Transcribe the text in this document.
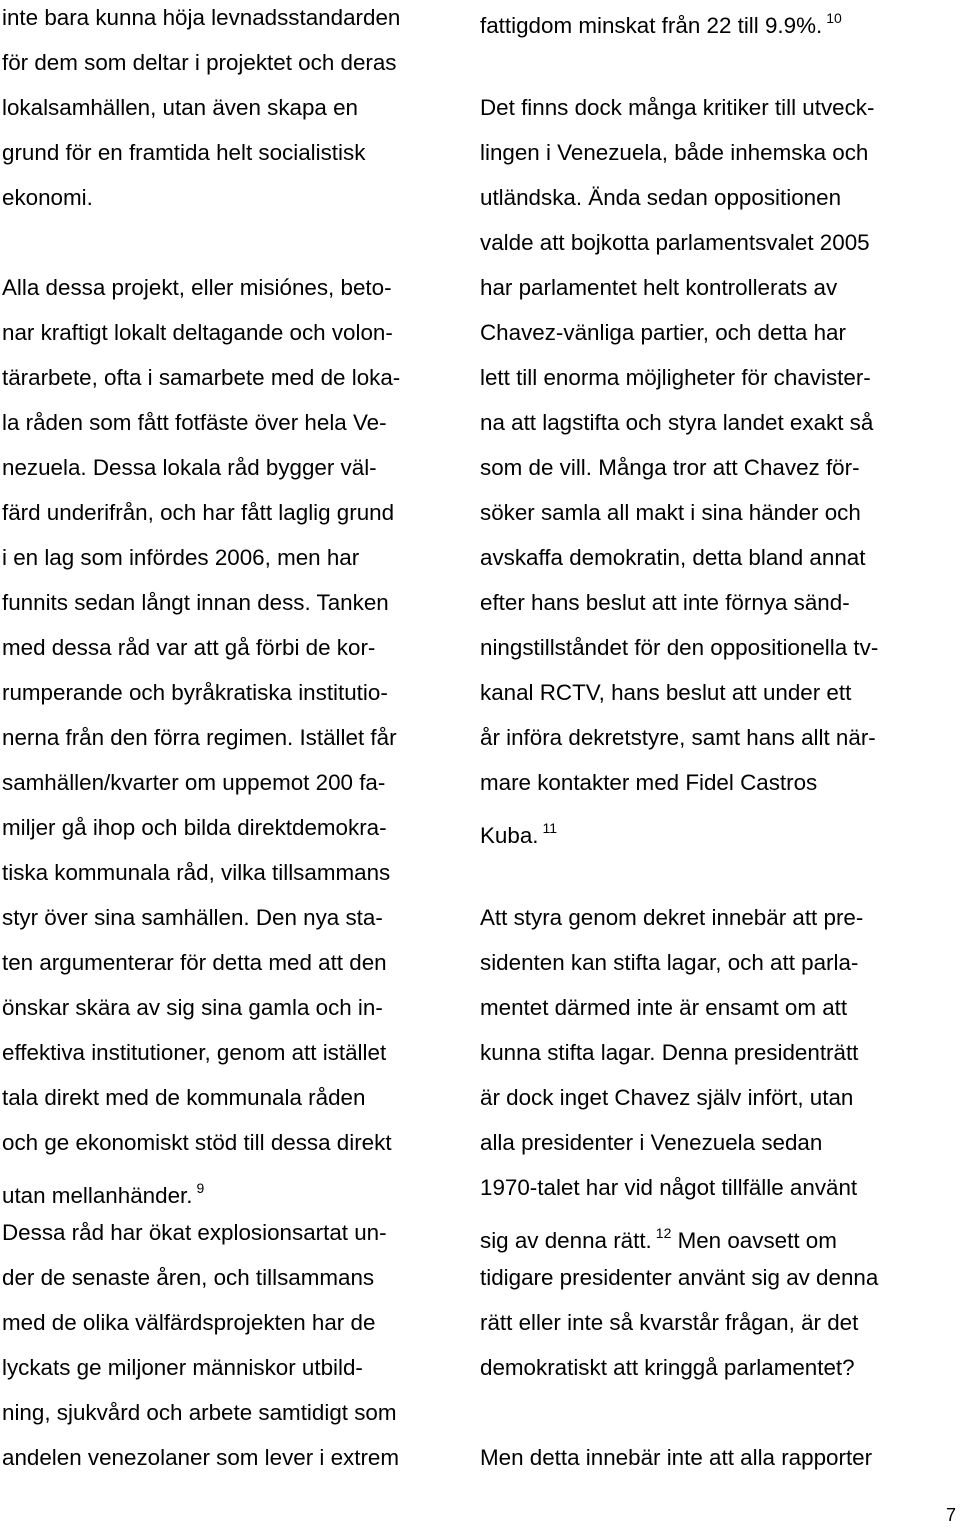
inte bara kunna höja levnadsstandarden
för dem som deltar i projektet och deras
lokalsamhällen, utan även skapa en
grund för en framtida helt socialistisk
ekonomi.
Alla dessa projekt, eller misiónes, beto-
nar kraftigt lokalt deltagande och volon-
tärarbete, ofta i samarbete med de loka-
la råden som fått fotfäste över hela Ve-
nezuela. Dessa lokala råd bygger väl-
färd underifrån, och har fått laglig grund
i en lag som infördes 2006, men har
funnits sedan långt innan dess. Tanken
med dessa råd var att gå förbi de kor-
rumperande och byråkratiska institutio-
nerna från den förra regimen. Istället får
samhällen/kvarter om uppemot 200 fa-
miljer gå ihop och bilda direktdemokra-
tiska kommunala råd, vilka tillsammans
styr över sina samhällen. Den nya sta-
ten argumenterar för detta med att den
önskar skära av sig sina gamla och in-
effektiva institutioner, genom att istället
tala direkt med de kommunala råden
och ge ekonomiskt stöd till dessa direkt
utan mellanhänder. $^9$
Dessa råd har ökat explosionsartat un-
der de senaste åren, och tillsammans
med de olika välfärdsprojekten har de
lyckats ge miljoner människor utbild-
ning, sjukvård och arbete samtidigt som
andelen venezolaner som lever i extrem
fattigdom minskat från 22 till 9.9%. $^{10}$
Det finns dock många kritiker till utveck-
lingen i Venezuela, både inhemska och
utländska. Ända sedan oppositionen
valde att bojkotta parlamentsvalet 2005
har parlamentet helt kontrollerats av
Chavez-vänliga partier, och detta har
lett till enorma möjligheter för chavister-
na att lagstifta och styra landet exakt så
som de vill. Många tror att Chavez för-
söker samla all makt i sina händer och
avskaffa demokratin, detta bland annat
efter hans beslut att inte förnya sänd-
ningstillståndet för den oppositionella tv-
kanal RCTV, hans beslut att under ett
år införa dekretstyre, samt hans allt när-
mare kontakter med Fidel Castros
Kuba. $^{11}$
Att styra genom dekret innebär att pre-
sidenten kan stifta lagar, och att parla-
mentet därmed inte är ensamt om att
kunna stifta lagar. Denna presidenträtt
är dock inget Chavez själv infört, utan
alla presidenter i Venezuela sedan
1970-talet har vid något tillfälle använt
sig av denna rätt. $^{12}$ Men oavsett om
tidigare presidenter använt sig av denna
rätt eller inte så kvarstår frågan, är det
demokratiskt att kringgå parlamentet?
Men detta innebär inte att alla rapporter
7
